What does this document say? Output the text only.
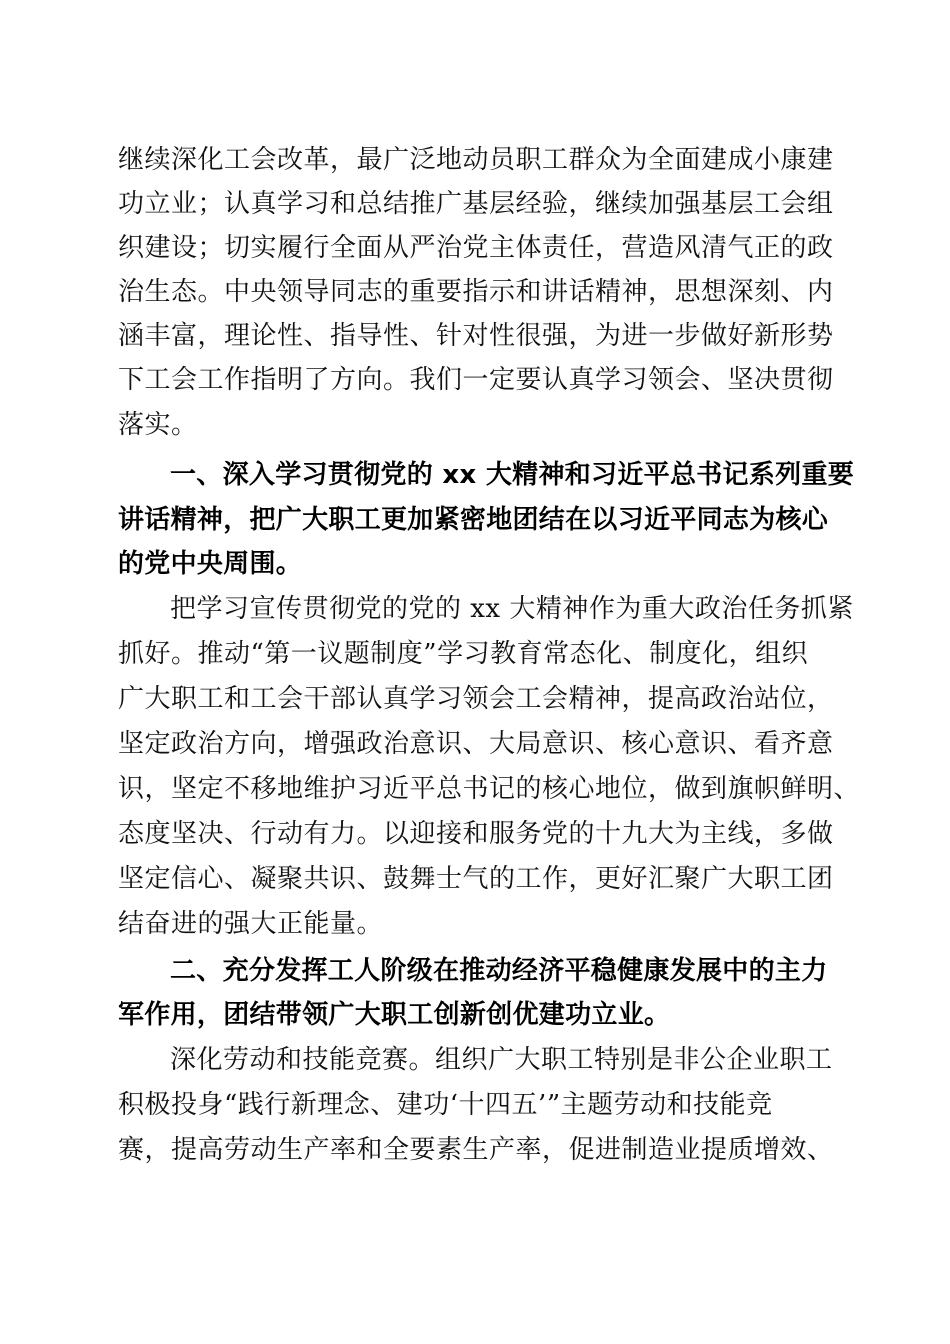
继续深化工会改革，最广泛地动员职工群众为全面建成小康建
功立业；认真学习和总结推广基层经验，继续加强基层工会组
织建设；切实履行全面从严治党主体责任，营造风清气正的政
治生态。中央领导同志的重要指示和讲话精神，思想深刻、内
涵丰富，理论性、指导性、针对性很强，为进一步做好新形势
下工会工作指明了方向。我们一定要认真学习领会、坚决贯彻
落实。
一、深入学习贯彻党的 xx 大精神和习近平总书记系列重要
讲话精神，把广大职工更加紧密地团结在以习近平同志为核心
的党中央周围。
把学习宣传贯彻党的党的 xx 大精神作为重大政治任务抓紧
抓好。推动“第一议题制度”学习教育常态化、制度化，组织
广大职工和工会干部认真学习领会工会精神，提高政治站位，
坚定政治方向，增强政治意识、大局意识、核心意识、看齐意
识，坚定不移地维护习近平总书记的核心地位，做到旗帜鲜明、
态度坚决、行动有力。以迎接和服务党的十九大为主线，多做
坚定信心、凝聚共识、鼓舞士气的工作，更好汇聚广大职工团
结奋进的强大正能量。
二、充分发挥工人阶级在推动经济平稳健康发展中的主力
军作用，团结带领广大职工创新创优建功立业。
深化劳动和技能竞赛。组织广大职工特别是非公企业职工
积极投身“践行新理念、建功‘十四五’”主题劳动和技能竞
赛，提高劳动生产率和全要素生产率，促进制造业提质增效、
